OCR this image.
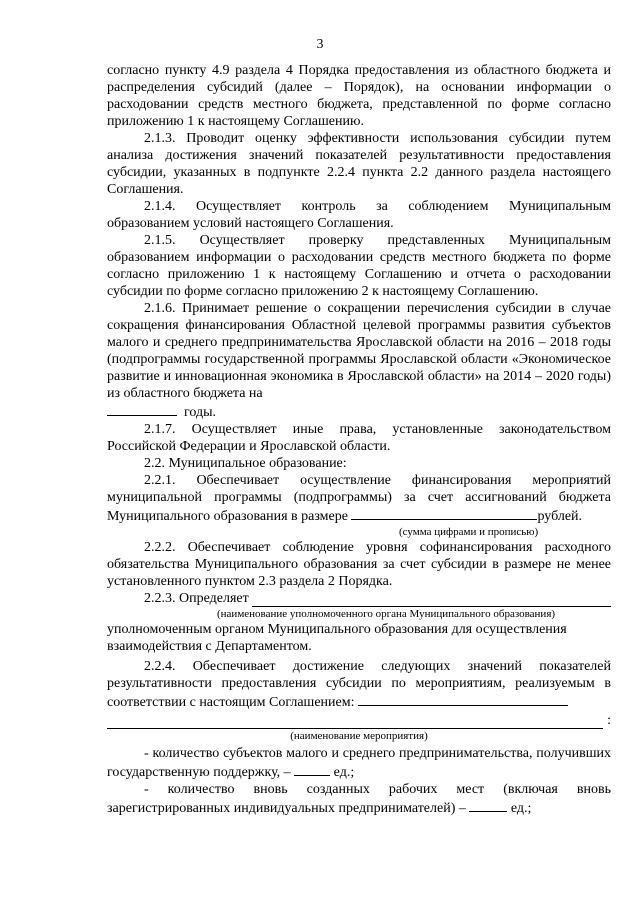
3

согласно пункту 4.9 раздела 4 Порядка предоставления из областного бюджета и распределения субсидий (далее – Порядок), на основании информации о расходовании средств местного бюджета, представленной по форме согласно приложению 1 к настоящему Соглашению.

2.1.3. Проводит оценку эффективности использования субсидии путем анализа достижения значений показателей результативности предоставления субсидии, указанных в подпункте 2.2.4 пункта 2.2 данного раздела настоящего Соглашения.

2.1.4. Осуществляет контроль за соблюдением Муниципальным образованием условий настоящего Соглашения.

2.1.5. Осуществляет проверку представленных Муниципальным образованием информации о расходовании средств местного бюджета по форме согласно приложению 1 к настоящему Соглашению и отчета о расходовании субсидии по форме согласно приложению 2 к настоящему Соглашению.

2.1.6. Принимает решение о сокращении перечисления субсидии в случае сокращения финансирования Областной целевой программы развития субъектов малого и среднего предпринимательства Ярославской области на 2016 – 2018 годы (подпрограммы государственной программы Ярославской области «Экономическое развитие и инновационная экономика в Ярославской области» на 2014 – 2020 годы) из областного бюджета на
годы.

2.1.7. Осуществляет иные права, установленные законодательством Российской Федерации и Ярославской области.

2.2. Муниципальное образование:

2.2.1. Обеспечивает осуществление финансирования мероприятий муниципальной программы (подпрограммы) за счет ассигнований бюджета Муниципального образования в размере	рублей.

(сумма цифрами и прописью)

2.2.2. Обеспечивает соблюдение уровня софинансирования расходного обязательства Муниципального образования за счет субсидии в размере не менее установленного пунктом 2.3 раздела 2 Порядка.

2.2.3. Определяет
(наименование уполномоченного органа Муниципального образования)

уполномоченным органом Муниципального образования для осуществления взаимодействия с Департаментом.

2.2.4. Обеспечивает достижение следующих значений показателей результативности предоставления субсидии по мероприятиям, реализуемым в соответствии с настоящим Соглашением:

:
(наименование мероприятия)

- количество субъектов малого и среднего предпринимательства, получивших государственную поддержку, –	ед.;

- количество вновь созданных рабочих мест (включая вновь зарегистрированных индивидуальных предпринимателей) –	ед.;
